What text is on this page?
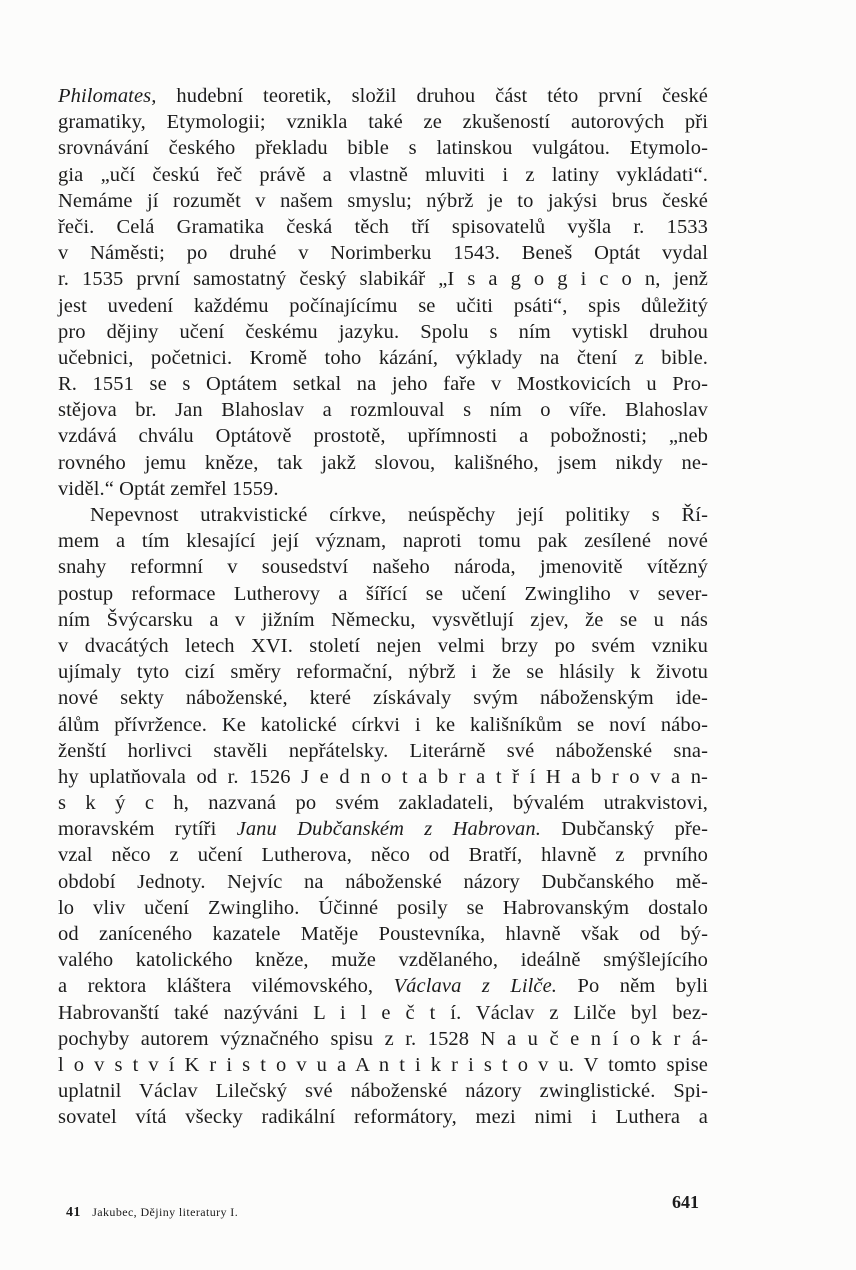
Philomates, hudební teoretik, složil druhou část této první české
gramatiky, Etymologii; vznikla také ze zkušeností autorových při
srovnávání českého překladu bible s latinskou vulgátou. Etymolo-
gia „učí českú řeč právě a vlastně mluviti i z latiny vykládati“.
Nemáme jí rozumět v našem smyslu; nýbrž je to jakýsi brus české
řeči. Celá Gramatika česká těch tří spisovatelů vyšla r. 1533
v Náměsti; po druhé v Norimberku 1543. Beneš Optát vydal
r. 1535 první samostatný český slabikář „I s a g o g i c o n, jenž
jest uvedení každému počínajícímu se učiti psáti“, spis důležitý
pro dějiny učení českému jazyku. Spolu s ním vytiskl druhou
učebnici, početnici. Kromě toho kázání, výklady na čtení z bible.
R. 1551 se s Optátem setkal na jeho faře v Mostkovicích u Pro-
stějova br. Jan Blahoslav a rozmlouval s ním o víře. Blahoslav
vzdává chválu Optátově prostotě, upřímnosti a pobožnosti; „neb
rovného jemu kněze, tak jakž slovou, kališného, jsem nikdy ne-
viděl.“ Optát zemřel 1559.
Nepevnost utrakvistické církve, neúspěchy její politiky s Ří-
mem a tím klesající její význam, naproti tomu pak zesílené nové
snahy reformní v sousedství našeho národa, jmenovitě vítězný
postup reformace Lutherovy a šířící se učení Zwingliho v sever-
ním Švýcarsku a v jižním Německu, vysvětlují zjev, že se u nás
v dvacátých letech XVI. století nejen velmi brzy po svém vzniku
ujímaly tyto cizí směry reformační, nýbrž i že se hlásily k životu
nové sekty náboženské, které získávaly svým náboženským ide-
álům přívržence. Ke katolické církvi i ke kališníkům se noví nábo-
ženští horlivci stavěli nepřátelsky. Literárně své náboženské sna-
hy uplatňovala od r. 1526 J e d n o t a b r a t ř í H a b r o v a n-
s k ý c h, nazvaná po svém zakladateli, bývalém utrakvistovi,
moravském rytíři Janu Dubčanském z Habrovan. Dubčanský pře-
vzal něco z učení Lutherova, něco od Bratří, hlavně z prvního
období Jednoty. Nejvíc na náboženské názory Dubčanského mě-
lo vliv učení Zwingliho. Účinné posily se Habrovanským dostalo
od zaníceného kazatele Matěje Poustevníka, hlavně však od bý-
valého katolického kněze, muže vzdělaného, ideálně smýšlejícího
a rektora kláštera vilémovského, Václava z Lilče. Po něm byli
Habrovanští také nazýváni L i l e č t í. Václav z Lilče byl bez-
pochyby autorem význačného spisu z r. 1528 N a u č e n í o k r á-
l o v s t v í K r i s t o v u a A n t i k r i s t o v u. V tomto spise
uplatnil Václav Lilečský své náboženské názory zwinglistické. Spi-
sovatel vítá všecky radikální reformátory, mezi nimi i Luthera a
41 Jakubec, Dějiny literatury I.	641
